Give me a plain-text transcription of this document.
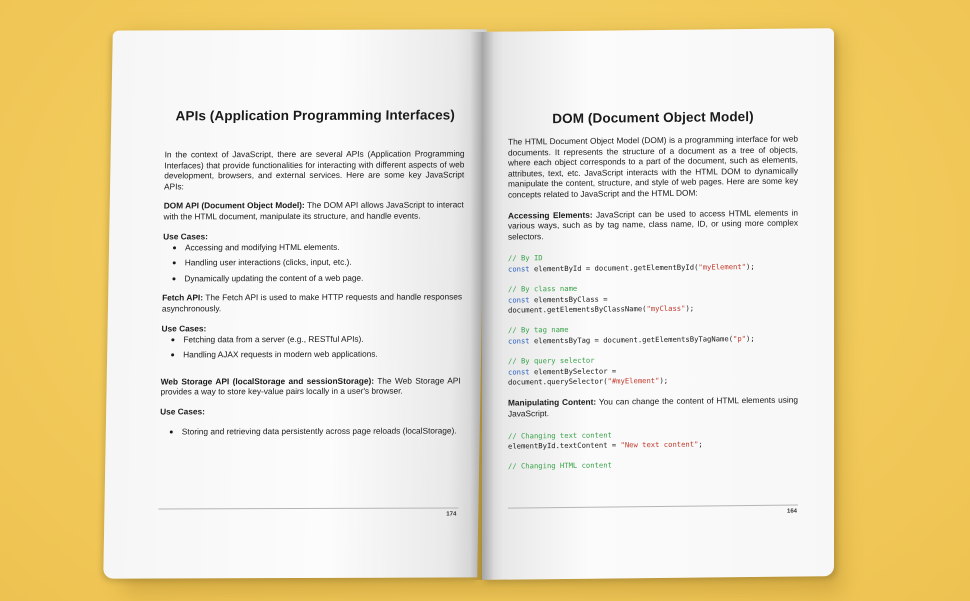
APIs (Application Programming Interfaces)

In the context of JavaScript, there are several APIs (Application Programming Interfaces) that provide functionalities for interacting with different aspects of web development, browsers, and external services. Here are some key JavaScript APIs:

DOM API (Document Object Model): The DOM API allows JavaScript to interact with the HTML document, manipulate its structure, and handle events.

Use Cases:
• Accessing and modifying HTML elements.
• Handling user interactions (clicks, input, etc.).
• Dynamically updating the content of a web page.

Fetch API: The Fetch API is used to make HTTP requests and handle responses asynchronously.

Use Cases:
• Fetching data from a server (e.g., RESTful APIs).
• Handling AJAX requests in modern web applications.

Web Storage API (localStorage and sessionStorage): The Web Storage API provides a way to store key-value pairs locally in a user's browser.

Use Cases:
• Storing and retrieving data persistently across page reloads (localStorage).
174
DOM (Document Object Model)

The HTML Document Object Model (DOM) is a programming interface for web documents. It represents the structure of a document as a tree of objects, where each object corresponds to a part of the document, such as elements, attributes, text, etc. JavaScript interacts with the HTML DOM to dynamically manipulate the content, structure, and style of web pages. Here are some key concepts related to JavaScript and the HTML DOM:

Accessing Elements: JavaScript can be used to access HTML elements in various ways, such as by tag name, class name, ID, or using more complex selectors.

// By ID
const elementById = document.getElementById("myElement");
// By class name
const elementsByClass =
document.getElementsByClassName("myClass");
// By tag name
const elementsByTag = document.getElementsByTagName("p");
// By query selector
const elementBySelector =
document.querySelector("#myElement");

Manipulating Content: You can change the content of HTML elements using JavaScript.

// Changing text content
elementById.textContent = "New text content";
// Changing HTML content
164
